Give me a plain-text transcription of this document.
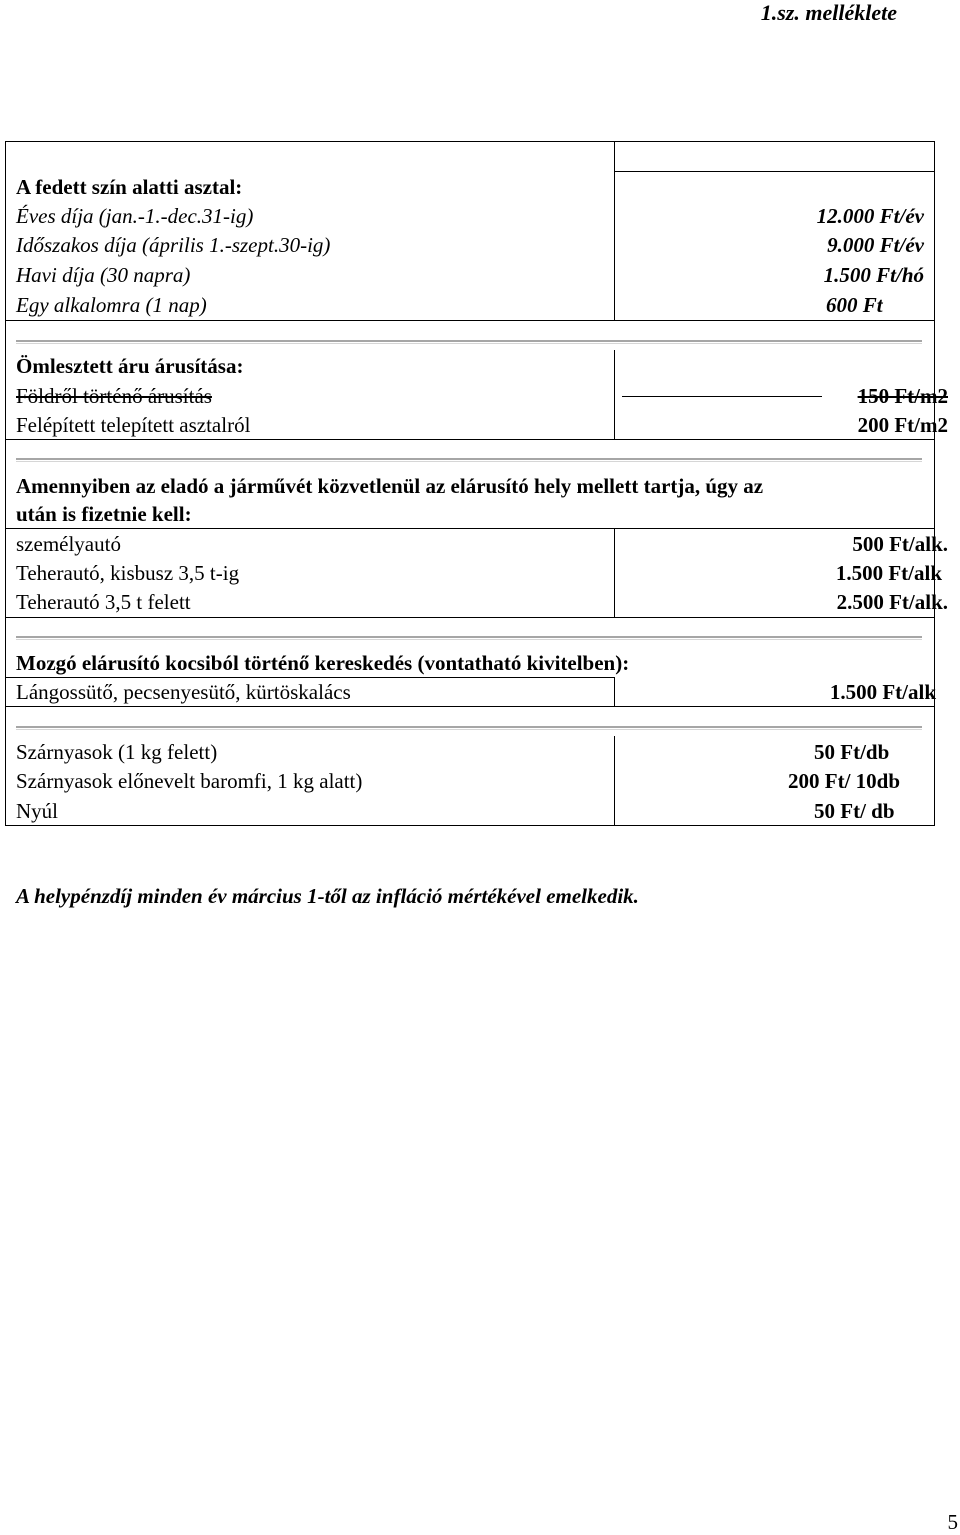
1.sz. melléklete
A fedett szín alatti asztal:
Éves díja (jan.-1.-dec.31-ig)	12.000 Ft/év
Időszakos díja (április 1.-szept.30-ig)	9.000 Ft/év
Havi díja (30 napra)	1.500 Ft/hó
Egy alkalomra (1 nap)	600 Ft
Ömlesztett áru árusítása:
Földről történő árusítás	150 Ft/m2
Felépített telepített asztalról	200 Ft/m2
Amennyiben az eladó a járművét közvetlenül az elárusító hely mellett tartja, úgy az
után is fizetnie kell:
személyautó	500 Ft/alk.
Teherautó, kisbusz 3,5 t-ig	1.500 Ft/alk
Teherautó 3,5 t felett	2.500 Ft/alk.
Mozgó elárusító kocsiból történő kereskedés (vontatható kivitelben):
Lángossütő, pecsenyesütő, kürtöskalács	1.500 Ft/alk
Szárnyasok (1 kg felett)	50 Ft/db
Szárnyasok előnevelt baromfi, 1 kg alatt)	200 Ft/ 10db
Nyúl	50 Ft/ db
A helypénzdíj minden év március 1-től az infláció mértékével emelkedik.
5
